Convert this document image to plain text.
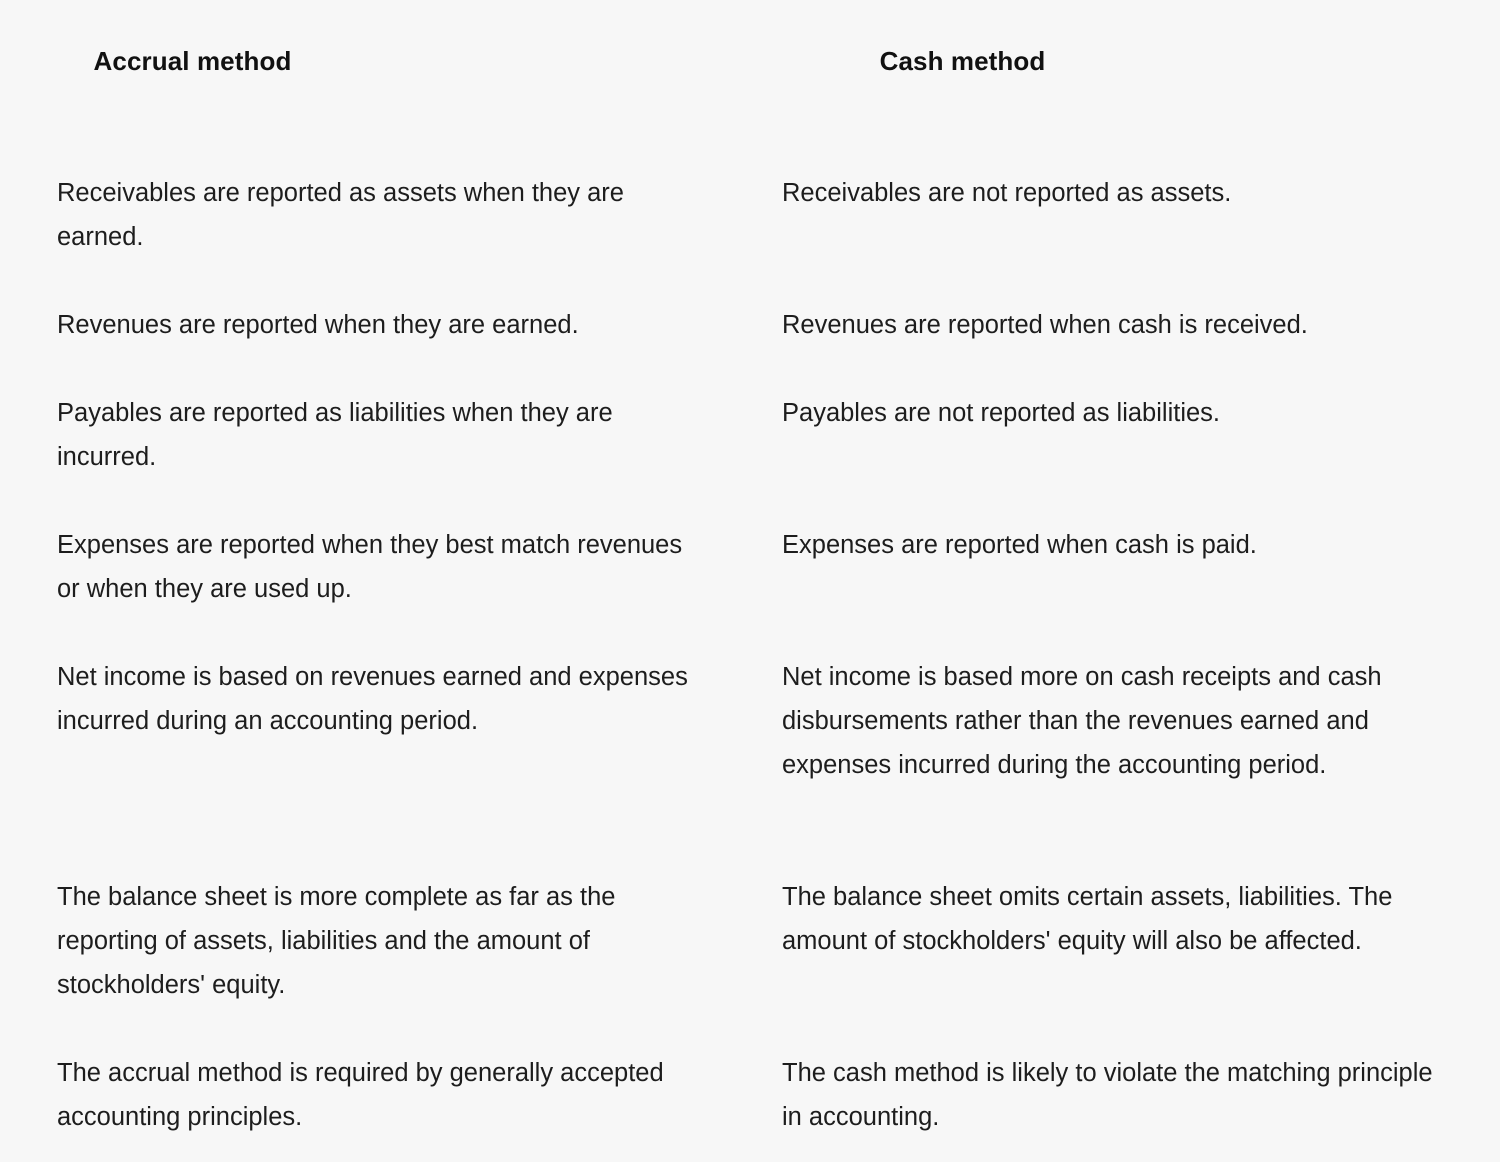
Accrual method
Receivables are reported as assets when they are earned.
Revenues are reported when they are earned.
Payables are reported as liabilities when they are incurred.
Expenses are reported when they best match revenues or when they are used up.
Net income is based on revenues earned and expenses incurred during an accounting period.
The balance sheet is more complete as far as the reporting of assets, liabilities and the amount of stockholders' equity.
The accrual method is required by generally accepted accounting principles.
Cash method
Receivables are not reported as assets.
Revenues are reported when cash is received.
Payables are not reported as liabilities.
Expenses are reported when cash is paid.
Net income is based more on cash receipts and cash disbursements rather than the revenues earned and expenses incurred during the accounting period.
The balance sheet omits certain assets, liabilities. The amount of stockholders' equity will also be affected.
The cash method is likely to violate the matching principle in accounting.
